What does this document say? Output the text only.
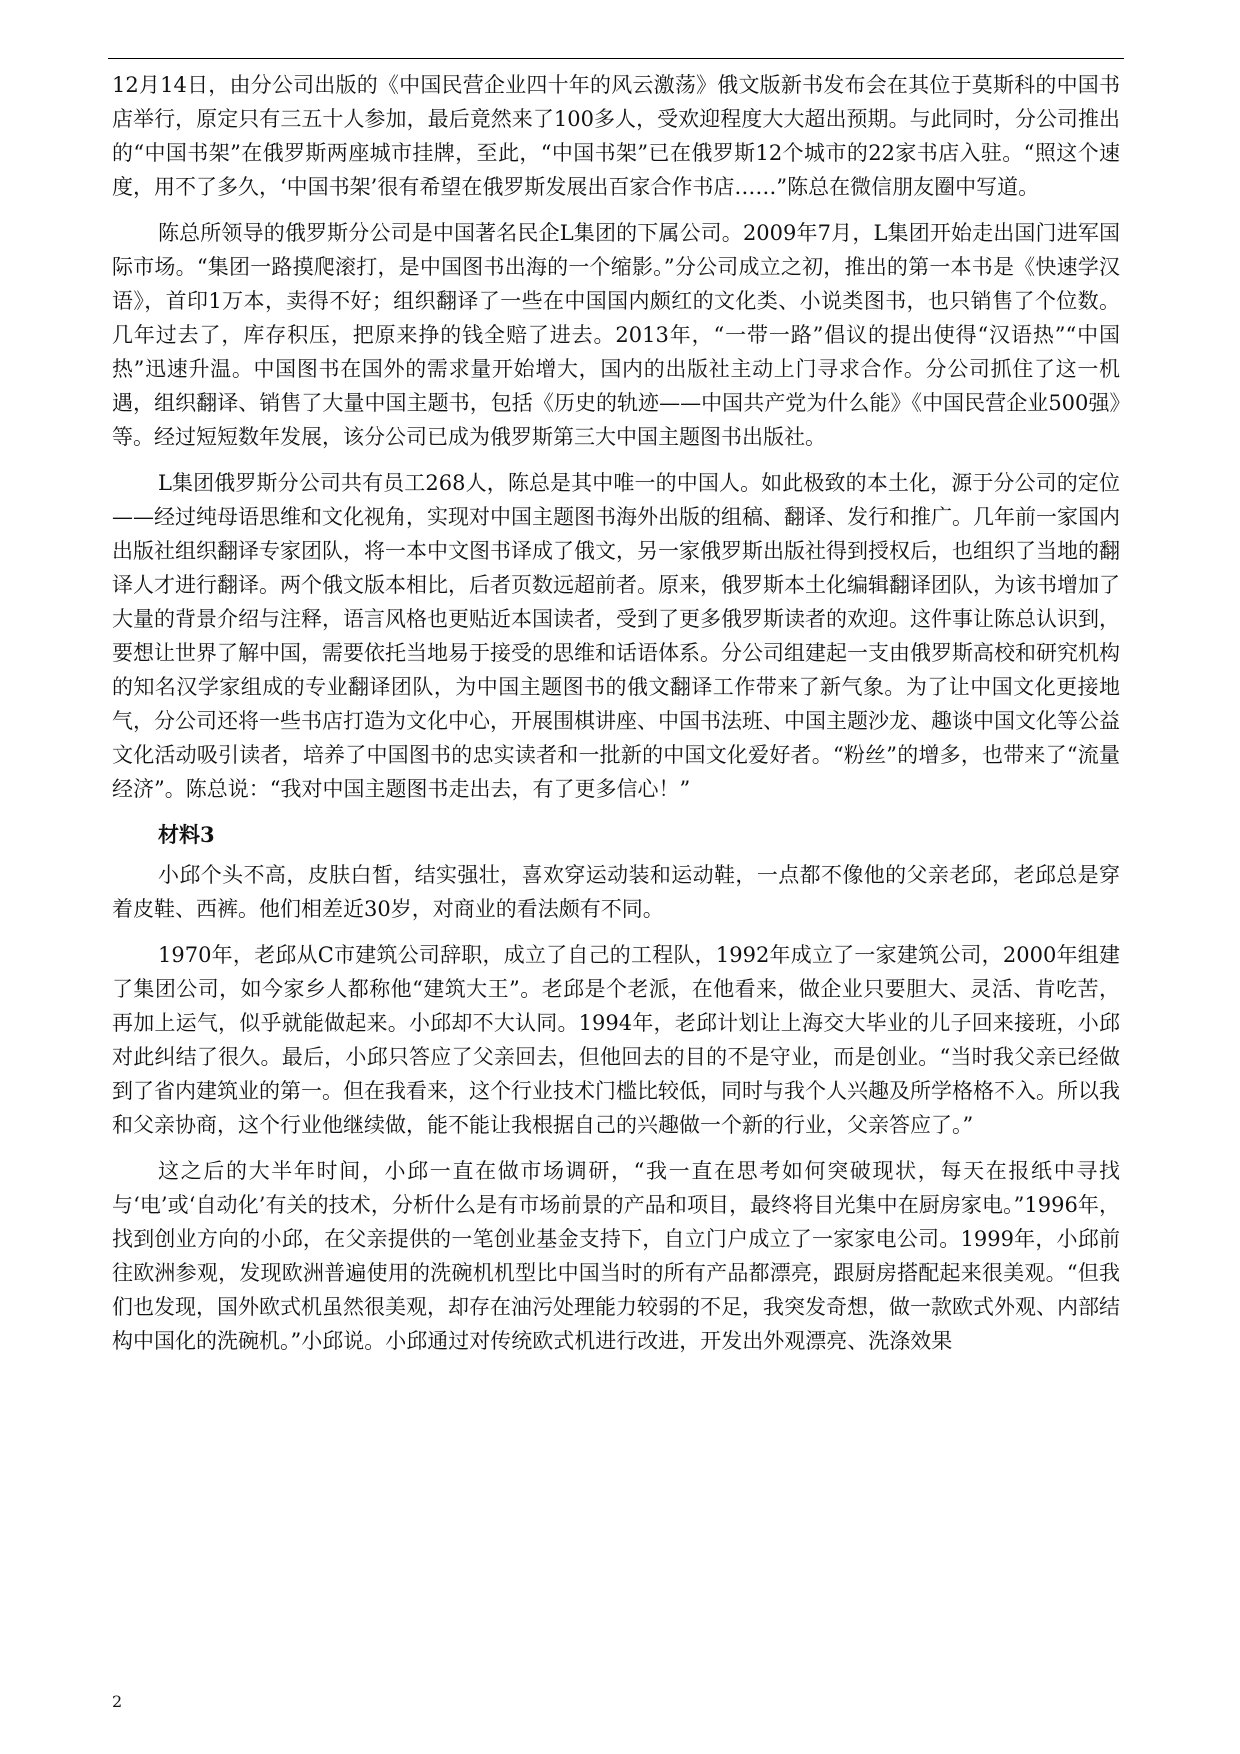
12月14日，由分公司出版的《中国民营企业四十年的风云激荡》俄文版新书发布会在其位于莫斯科的中国书店举行，原定只有三五十人参加，最后竟然来了100多人，受欢迎程度大大超出预期。与此同时，分公司推出的“中国书架”在俄罗斯两座城市挂牌，至此，“中国书架”已在俄罗斯12个城市的22家书店入驻。“照这个速度，用不了多久，‘中国书架’很有希望在俄罗斯发展出百家合作书店……”陈总在微信朋友圈中写道。

陈总所领导的俄罗斯分公司是中国著名民企L集团的下属公司。2009年7月，L集团开始走出国门进军国际市场。“集团一路摸爬滚打，是中国图书出海的一个缩影。”分公司成立之初，推出的第一本书是《快速学汉语》，首印1万本，卖得不好；组织翻译了一些在中国国内颇红的文化类、小说类图书，也只销售了个位数。几年过去了，库存积压，把原来挣的钱全赔了进去。2013年，“一带一路”倡议的提出使得“汉语热”“中国热”迅速升温。中国图书在国外的需求量开始增大，国内的出版社主动上门寻求合作。分公司抓住了这一机遇，组织翻译、销售了大量中国主题书，包括《历史的轨迹——中国共产党为什么能》《中国民营企业500强》等。经过短短数年发展，该分公司已成为俄罗斯第三大中国主题图书出版社。

L集团俄罗斯分公司共有员工268人，陈总是其中唯一的中国人。如此极致的本土化，源于分公司的定位——经过纯母语思维和文化视角，实现对中国主题图书海外出版的组稿、翻译、发行和推广。几年前一家国内出版社组织翻译专家团队，将一本中文图书译成了俄文，另一家俄罗斯出版社得到授权后，也组织了当地的翻译人才进行翻译。两个俄文版本相比，后者页数远超前者。原来，俄罗斯本土化编辑翻译团队，为该书增加了大量的背景介绍与注释，语言风格也更贴近本国读者，受到了更多俄罗斯读者的欢迎。这件事让陈总认识到，要想让世界了解中国，需要依托当地易于接受的思维和话语体系。分公司组建起一支由俄罗斯高校和研究机构的知名汉学家组成的专业翻译团队，为中国主题图书的俄文翻译工作带来了新气象。为了让中国文化更接地气，分公司还将一些书店打造为文化中心，开展围棋讲座、中国书法班、中国主题沙龙、趣谈中国文化等公益文化活动吸引读者，培养了中国图书的忠实读者和一批新的中国文化爱好者。“粉丝”的增多，也带来了“流量经济”。陈总说：“我对中国主题图书走出去，有了更多信心！”

材料3

小邱个头不高，皮肤白皙，结实强壮，喜欢穿运动装和运动鞋，一点都不像他的父亲老邱，老邱总是穿着皮鞋、西裤。他们相差近30岁，对商业的看法颇有不同。

1970年，老邱从C市建筑公司辞职，成立了自己的工程队，1992年成立了一家建筑公司，2000年组建了集团公司，如今家乡人都称他“建筑大王”。老邱是个老派，在他看来，做企业只要胆大、灵活、肯吃苦，再加上运气，似乎就能做起来。小邱却不大认同。1994年，老邱计划让上海交大毕业的儿子回来接班，小邱对此纠结了很久。最后，小邱只答应了父亲回去，但他回去的目的不是守业，而是创业。“当时我父亲已经做到了省内建筑业的第一。但在我看来，这个行业技术门槛比较低，同时与我个人兴趣及所学格格不入。所以我和父亲协商，这个行业他继续做，能不能让我根据自己的兴趣做一个新的行业，父亲答应了。”

这之后的大半年时间，小邱一直在做市场调研，“我一直在思考如何突破现状，每天在报纸中寻找与‘电’或‘自动化’有关的技术，分析什么是有市场前景的产品和项目，最终将目光集中在厨房家电。”1996年，找到创业方向的小邱，在父亲提供的一笔创业基金支持下，自立门户成立了一家家电公司。1999年，小邱前往欧洲参观，发现欧洲普遍使用的洗碗机机型比中国当时的所有产品都漂亮，跟厨房搭配起来很美观。“但我们也发现，国外欧式机虽然很美观，却存在油污处理能力较弱的不足，我突发奇想，做一款欧式外观、内部结构中国化的洗碗机。”小邱说。小邱通过对传统欧式机进行改进，开发出外观漂亮、洗涤效果

2
